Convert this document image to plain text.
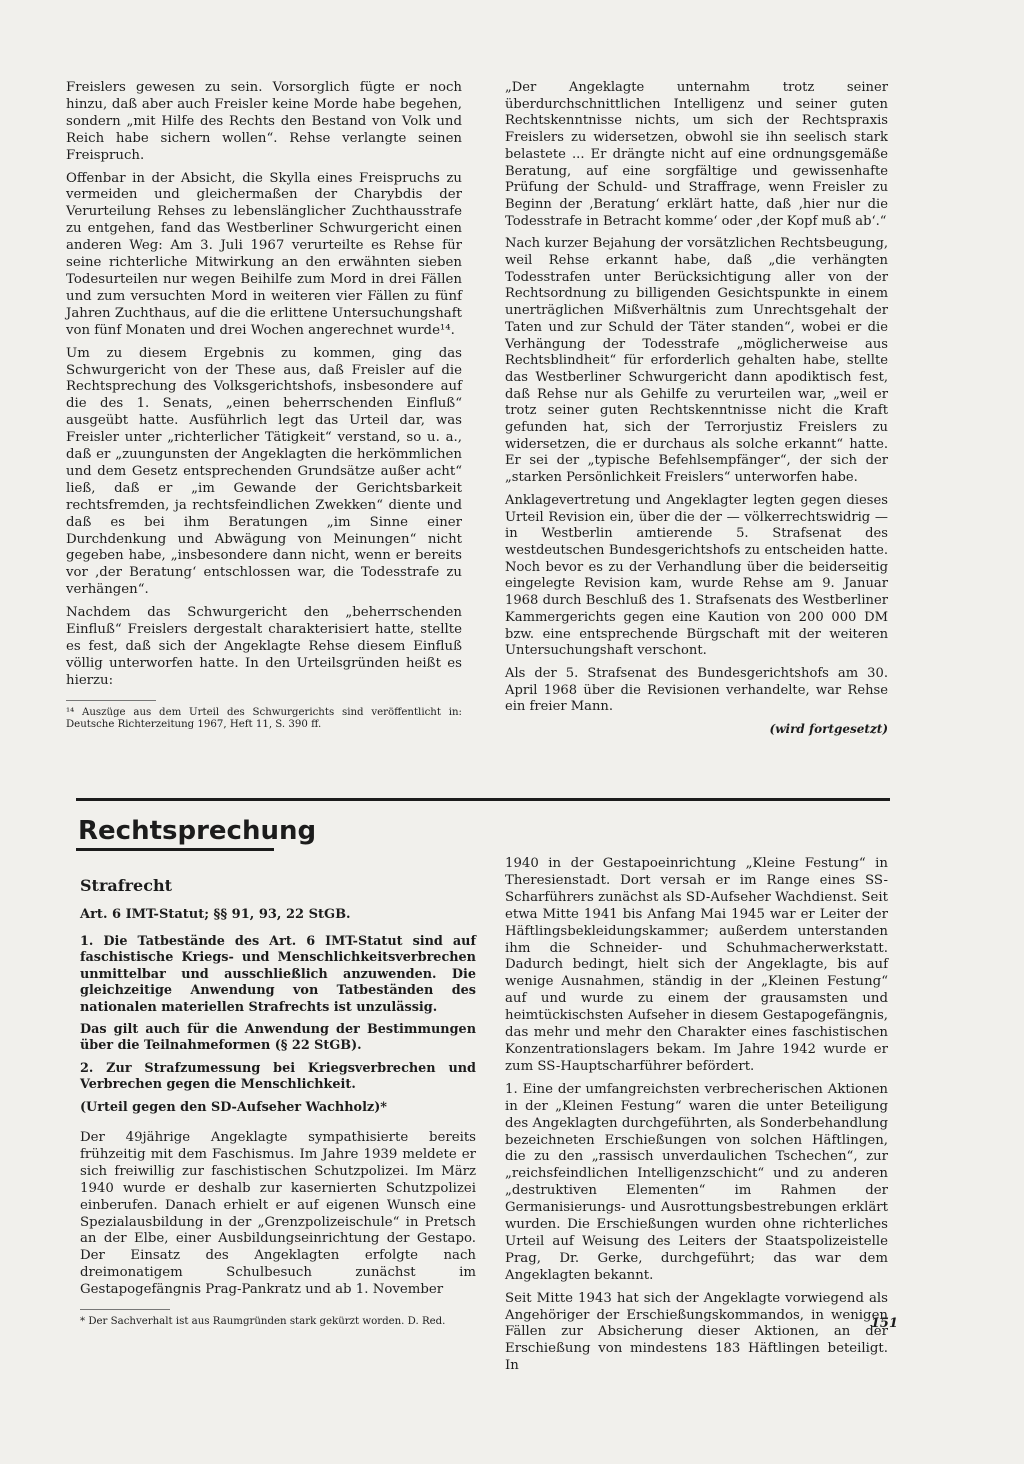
Freislers gewesen zu sein. Vorsorglich fügte er noch hinzu, daß aber auch Freisler keine Morde habe begehen, sondern „mit Hilfe des Rechts den Bestand von Volk und Reich habe sichern wollen“. Rehse verlangte seinen Freispruch.

Offenbar in der Absicht, die Skylla eines Freispruchs zu vermeiden und gleichermaßen der Charybdis der Verurteilung Rehses zu lebenslänglicher Zuchthausstrafe zu entgehen, fand das Westberliner Schwurgericht einen anderen Weg: Am 3. Juli 1967 verurteilte es Rehse für seine richterliche Mitwirkung an den erwähnten sieben Todesurteilen nur wegen Beihilfe zum Mord in drei Fällen und zum versuchten Mord in weiteren vier Fällen zu fünf Jahren Zuchthaus, auf die die erlittene Untersuchungshaft von fünf Monaten und drei Wochen angerechnet wurde¹⁴.

Um zu diesem Ergebnis zu kommen, ging das Schwurgericht von der These aus, daß Freisler auf die Rechtsprechung des Volksgerichtshofs, insbesondere auf die des 1. Senats, „einen beherrschenden Einfluß“ ausgeübt hatte. Ausführlich legt das Urteil dar, was Freisler unter „richterlicher Tätigkeit“ verstand, so u. a., daß er „zuungunsten der Angeklagten die herkömmlichen und dem Gesetz entsprechenden Grundsätze außer acht“ ließ, daß er „im Gewande der Gerichtsbarkeit rechtsfremden, ja rechtsfeindlichen Zwekken“ diente und daß es bei ihm Beratungen „im Sinne einer Durchdenkung und Abwägung von Meinungen“ nicht gegeben habe, „insbesondere dann nicht, wenn er bereits vor ‚der Beratung‘ entschlossen war, die Todesstrafe zu verhängen“.

Nachdem das Schwurgericht den „beherrschenden Einfluß“ Freislers dergestalt charakterisiert hatte, stellte es fest, daß sich der Angeklagte Rehse diesem Einfluß völlig unterworfen hatte. In den Urteilsgründen heißt es hierzu:

¹⁴ Auszüge aus dem Urteil des Schwurgerichts sind veröffentlicht in: Deutsche Richterzeitung 1967, Heft 11, S. 390 ff.

„Der Angeklagte unternahm trotz seiner überdurchschnittlichen Intelligenz und seiner guten Rechtskenntnisse nichts, um sich der Rechtspraxis Freislers zu widersetzen, obwohl sie ihn seelisch stark belastete ... Er drängte nicht auf eine ordnungsgemäße Beratung, auf eine sorgfältige und gewissenhafte Prüfung der Schuld- und Straffrage, wenn Freisler zu Beginn der ‚Beratung‘ erklärt hatte, daß ‚hier nur die Todesstrafe in Betracht komme‘ oder ‚der Kopf muß ab‘.“

Nach kurzer Bejahung der vorsätzlichen Rechtsbeugung, weil Rehse erkannt habe, daß „die verhängten Todesstrafen unter Berücksichtigung aller von der Rechtsordnung zu billigenden Gesichtspunkte in einem unerträglichen Mißverhältnis zum Unrechtsgehalt der Taten und zur Schuld der Täter standen“, wobei er die Verhängung der Todesstrafe „möglicherweise aus Rechtsblindheit“ für erforderlich gehalten habe, stellte das Westberliner Schwurgericht dann apodiktisch fest, daß Rehse nur als Gehilfe zu verurteilen war, „weil er trotz seiner guten Rechtskenntnisse nicht die Kraft gefunden hat, sich der Terrorjustiz Freislers zu widersetzen, die er durchaus als solche erkannt“ hatte. Er sei der „typische Befehlsempfänger“, der sich der „starken Persönlichkeit Freislers“ unterworfen habe.

Anklagevertretung und Angeklagter legten gegen dieses Urteil Revision ein, über die der — völkerrechtswidrig — in Westberlin amtierende 5. Strafsenat des westdeutschen Bundesgerichtshofs zu entscheiden hatte. Noch bevor es zu der Verhandlung über die beiderseitig eingelegte Revision kam, wurde Rehse am 9. Januar 1968 durch Beschluß des 1. Strafsenats des Westberliner Kammergerichts gegen eine Kaution von 200 000 DM bzw. eine entsprechende Bürgschaft mit der weiteren Untersuchungshaft verschont.

Als der 5. Strafsenat des Bundesgerichtshofs am 30. April 1968 über die Revisionen verhandelte, war Rehse ein freier Mann.

(wird fortgesetzt)
Rechtsprechung
Strafrecht

Art. 6 IMT-Statut; §§ 91, 93, 22 StGB.

1. Die Tatbestände des Art. 6 IMT-Statut sind auf faschistische Kriegs- und Menschlichkeitsverbrechen unmittelbar und ausschließlich anzuwenden. Die gleichzeitige Anwendung von Tatbeständen des nationalen materiellen Strafrechts ist unzulässig.

Das gilt auch für die Anwendung der Bestimmungen über die Teilnahmeformen (§ 22 StGB).

2. Zur Strafzumessung bei Kriegsverbrechen und Verbrechen gegen die Menschlichkeit.

(Urteil gegen den SD-Aufseher Wachholz)*

Der 49jährige Angeklagte sympathisierte bereits frühzeitig mit dem Faschismus. Im Jahre 1939 meldete er sich freiwillig zur faschistischen Schutzpolizei. Im März 1940 wurde er deshalb zur kasernierten Schutzpolizei einberufen. Danach erhielt er auf eigenen Wunsch eine Spezialausbildung in der „Grenzpolizeischule“ in Pretsch an der Elbe, einer Ausbildungseinrichtung der Gestapo. Der Einsatz des Angeklagten erfolgte nach dreimonatigem Schulbesuch zunächst im Gestapogefängnis Prag-Pankratz und ab 1. November

* Der Sachverhalt ist aus Raumgründen stark gekürzt worden. D. Red.

1940 in der Gestapoeinrichtung „Kleine Festung“ in Theresienstadt. Dort versah er im Range eines SS-Scharführers zunächst als SD-Aufseher Wachdienst. Seit etwa Mitte 1941 bis Anfang Mai 1945 war er Leiter der Häftlingsbekleidungskammer; außerdem unterstanden ihm die Schneider- und Schuhmacherwerkstatt. Dadurch bedingt, hielt sich der Angeklagte, bis auf wenige Ausnahmen, ständig in der „Kleinen Festung“ auf und wurde zu einem der grausamsten und heimtückischsten Aufseher in diesem Gestapogefängnis, das mehr und mehr den Charakter eines faschistischen Konzentrationslagers bekam. Im Jahre 1942 wurde er zum SS-Hauptscharführer befördert.

1. Eine der umfangreichsten verbrecherischen Aktionen in der „Kleinen Festung“ waren die unter Beteiligung des Angeklagten durchgeführten, als Sonderbehandlung bezeichneten Erschießungen von solchen Häftlingen, die zu den „rassisch unverdaulichen Tschechen“, zur „reichsfeindlichen Intelligenzschicht“ und zu anderen „destruktiven Elementen“ im Rahmen der Germanisierungs- und Ausrottungsbestrebungen erklärt wurden. Die Erschießungen wurden ohne richterliches Urteil auf Weisung des Leiters der Staatspolizeistelle Prag, Dr. Gerke, durchgeführt; das war dem Angeklagten bekannt.

Seit Mitte 1943 hat sich der Angeklagte vorwiegend als Angehöriger der Erschießungskommandos, in wenigen Fällen zur Absicherung dieser Aktionen, an der Erschießung von mindestens 183 Häftlingen beteiligt. In

151
